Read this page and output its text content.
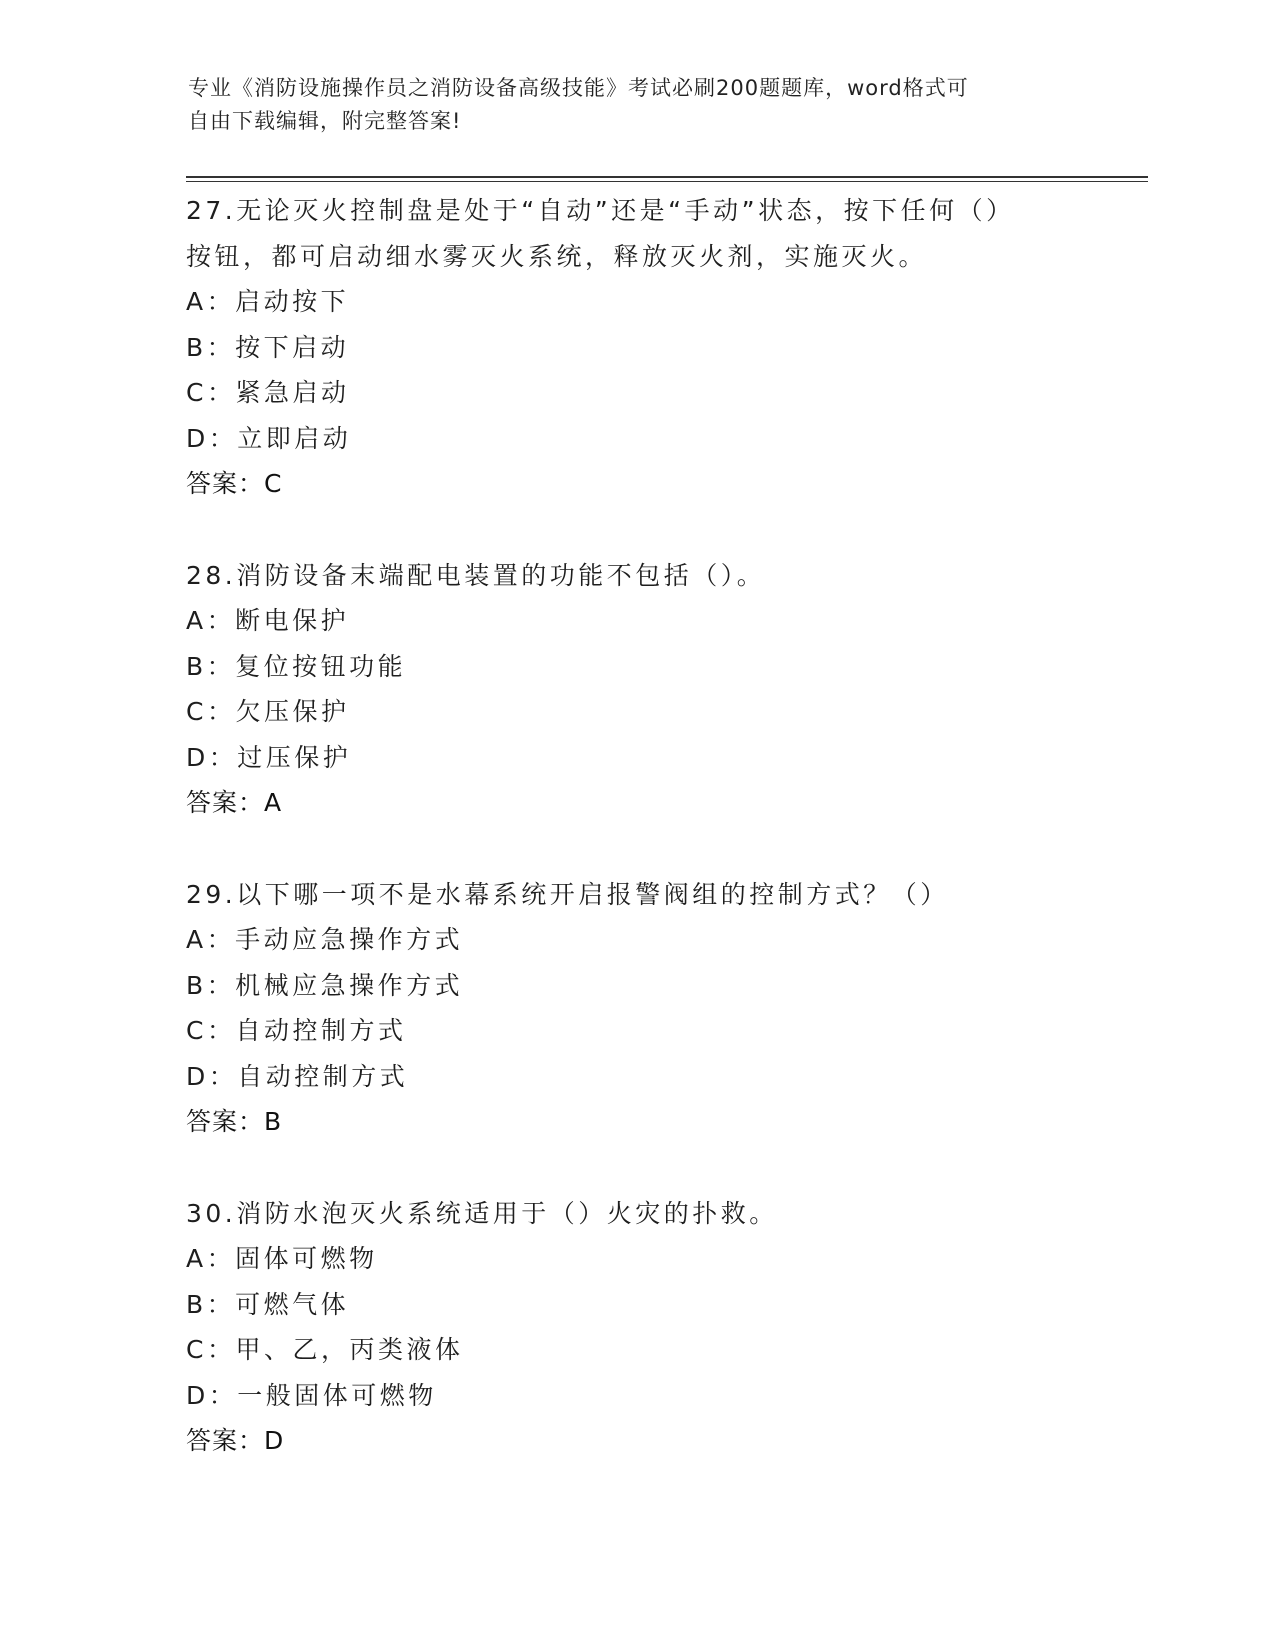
专业《消防设施操作员之消防设备高级技能》考试必刷200题题库，word格式可
自由下载编辑，附完整答案!
27.无论灭火控制盘是处于“自动”还是“手动”状态，按下任何（）
按钮，都可启动细水雾灭火系统，释放灭火剂，实施灭火。
A：启动按下
B：按下启动
C：紧急启动
D：立即启动
答案：C
28.消防设备末端配电装置的功能不包括（）。
A：断电保护
B：复位按钮功能
C：欠压保护
D：过压保护
答案：A
29.以下哪一项不是水幕系统开启报警阀组的控制方式？（）
A：手动应急操作方式
B：机械应急操作方式
C：自动控制方式
D：自动控制方式
答案：B
30.消防水泡灭火系统适用于（）火灾的扑救。
A：固体可燃物
B：可燃气体
C：甲、乙，丙类液体
D：一般固体可燃物
答案：D
